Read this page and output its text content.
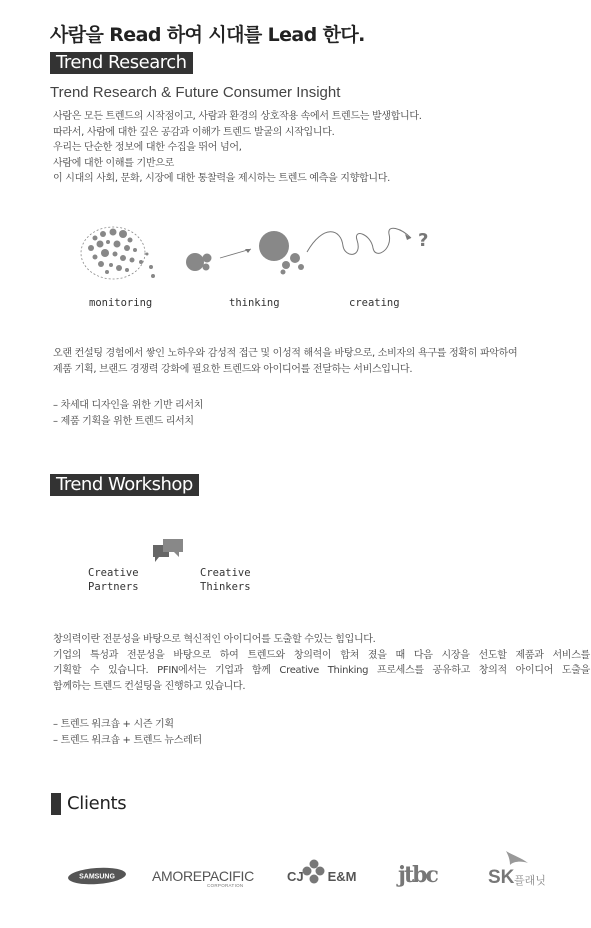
사람을 Read 하여 시대를 Lead 한다.
Trend Research
Trend Research & Future Consumer Insight
사람은 모든 트렌드의 시작점이고, 사람과 환경의 상호작용 속에서 트렌드는 발생합니다.
따라서, 사람에 대한 깊은 공감과 이해가 트렌드 발굴의 시작입니다.
우리는 단순한 정보에 대한 수집을 뛰어 넘어,
사람에 대한 이해를 기반으로
이 시대의 사회, 문화, 시장에 대한 통찰력을 제시하는 트렌드 예측을 지향합니다.
?
monitoring	thinking	creating
오랜 컨설팅 경험에서 쌓인 노하우와 감성적 접근 및 이성적 해석을 바탕으로, 소비자의 욕구를 정확히 파악하여
제품 기획, 브랜드 경쟁력 강화에 필요한 트렌드와 아이디어를 전달하는 서비스입니다.
– 차세대 디자인을 위한 기반 리서치
– 제품 기획을 위한 트렌드 리서치
Trend Workshop
Creative
Partners
Creative
Thinkers
창의력이란 전문성을 바탕으로 혁신적인 아이디어를 도출할 수있는 힘입니다.
기업의 특성과 전문성을 바탕으로 하여 트렌드와 창의력이 합쳐 졌을 때 다음 시장을 선도할 제품과 서비스를
기획할 수 있습니다. PFIN에서는 기업과 함께 Creative Thinking 프로세스를 공유하고 창의적 아이디어 도출을
함께하는 트렌드 컨설팅을 진행하고 있습니다.
– 트렌드 워크숍 + 시즌 기획
– 트렌드 워크숍 + 트렌드 뉴스레터
Clients
SAMSUNG	AMOREPACIFIC
CORPORATION
CJ E&M jtbc	SK 플래닛
